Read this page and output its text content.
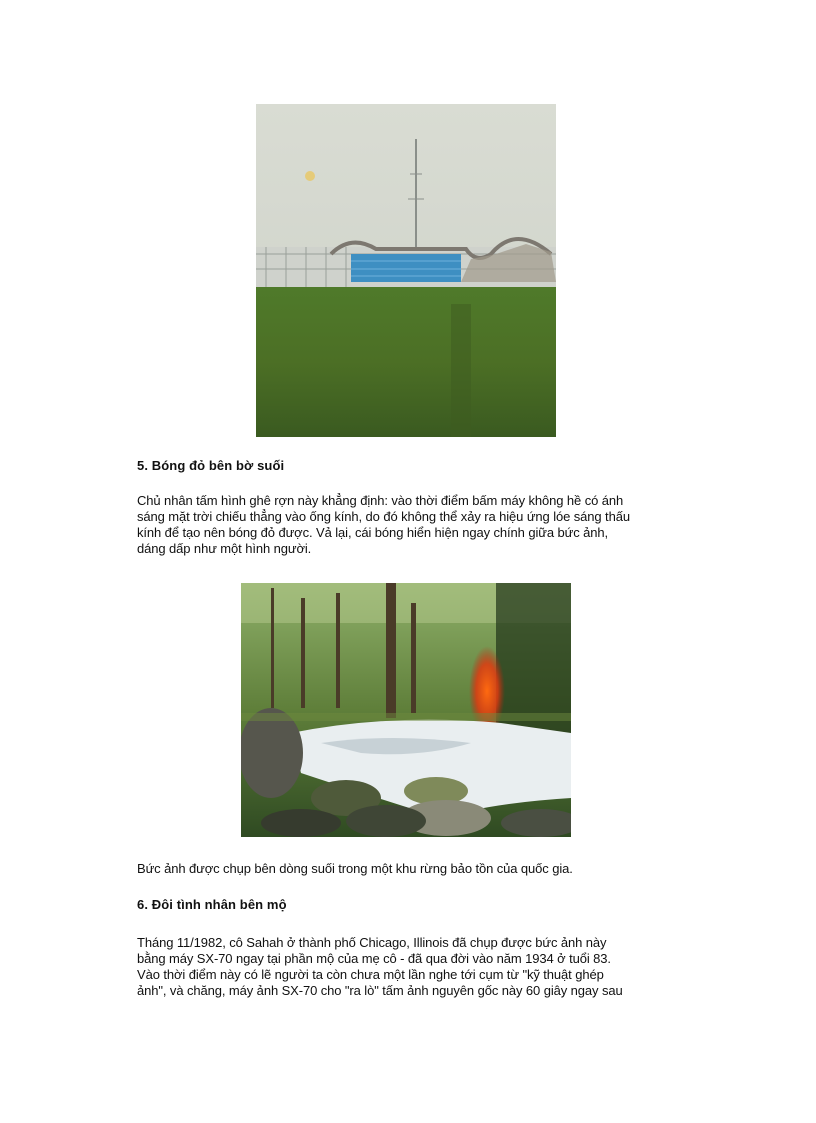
5. Bóng đỏ bên bờ suối
Chủ nhân tấm hình ghê rợn này khẳng định: vào thời điểm bấm máy không hề có ánh
sáng mặt trời chiếu thẳng vào ống kính, do đó không thể xảy ra hiệu ứng lóe sáng thấu
kính để tạo nên bóng đỏ được. Vả lại, cái bóng hiển hiện ngay chính giữa bức ảnh,
dáng dấp như một hình người.
Bức ảnh được chụp bên dòng suối trong một khu rừng bảo tồn của quốc gia.
6. Đôi tình nhân bên mộ
Tháng 11/1982, cô Sahah ở thành phố Chicago, Illinois đã chụp được bức ảnh này
bằng máy SX-70 ngay tại phần mộ của mẹ cô - đã qua đời vào năm 1934 ở tuổi 83.
Vào thời điểm này có lẽ người ta còn chưa một lần nghe tới cụm từ "kỹ thuật ghép
ảnh", và chăng, máy ảnh SX-70 cho "ra lò" tấm ảnh nguyên gốc này 60 giây ngay sau
